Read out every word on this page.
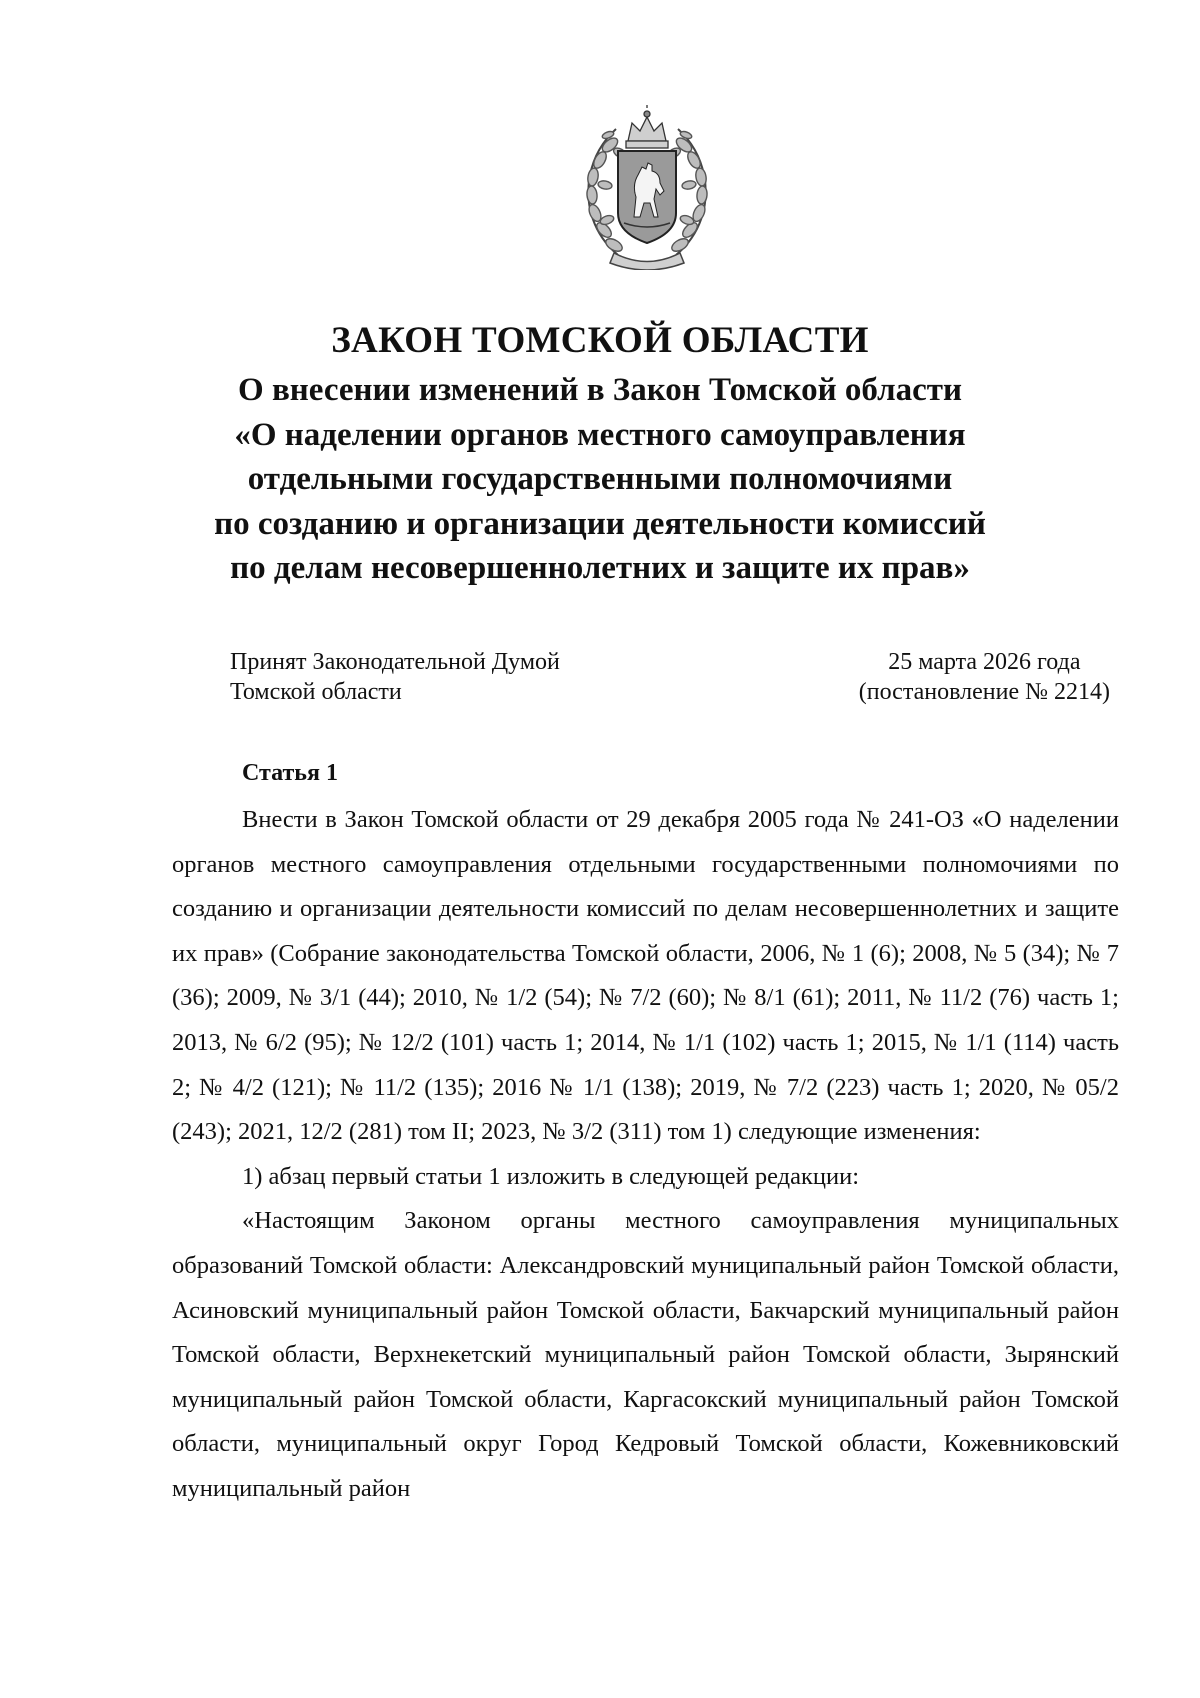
ЗАКОН ТОМСКОЙ ОБЛАСТИ
О внесении изменений в Закон Томской области
«О наделении органов местного самоуправления
отдельными государственными полномочиями
по созданию и организации деятельности комиссий
по делам несовершеннолетних и защите их прав»
Принят Законодательной Думой
Томской области
25 марта 2026 года
(постановление № 2214)
Статья 1

Внести в Закон Томской области от 29 декабря 2005 года № 241-ОЗ «О наделении органов местного самоуправления отдельными государственными полномочиями по созданию и организации деятельности комиссий по делам несовершеннолетних и защите их прав» (Собрание законодательства Томской области, 2006, № 1 (6); 2008, № 5 (34); № 7 (36); 2009, № 3/1 (44); 2010, № 1/2 (54); № 7/2 (60); № 8/1 (61); 2011, № 11/2 (76) часть 1; 2013, № 6/2 (95); № 12/2 (101) часть 1; 2014, № 1/1 (102) часть 1; 2015, № 1/1 (114) часть 2; № 4/2 (121); № 11/2 (135); 2016 № 1/1 (138); 2019, № 7/2 (223) часть 1; 2020, № 05/2 (243); 2021, 12/2 (281) том II; 2023, № 3/2 (311) том 1) следующие изменения:

1) абзац первый статьи 1 изложить в следующей редакции:

«Настоящим Законом органы местного самоуправления муниципальных образований Томской области: Александровский муниципальный район Томской области, Асиновский муниципальный район Томской области, Бакчарский муниципальный район Томской области, Верхнекетский муниципальный район Томской области, Зырянский муниципальный район Томской области, Каргасокский муниципальный район Томской области, муниципальный округ Город Кедровый Томской области, Кожевниковский муниципальный район
